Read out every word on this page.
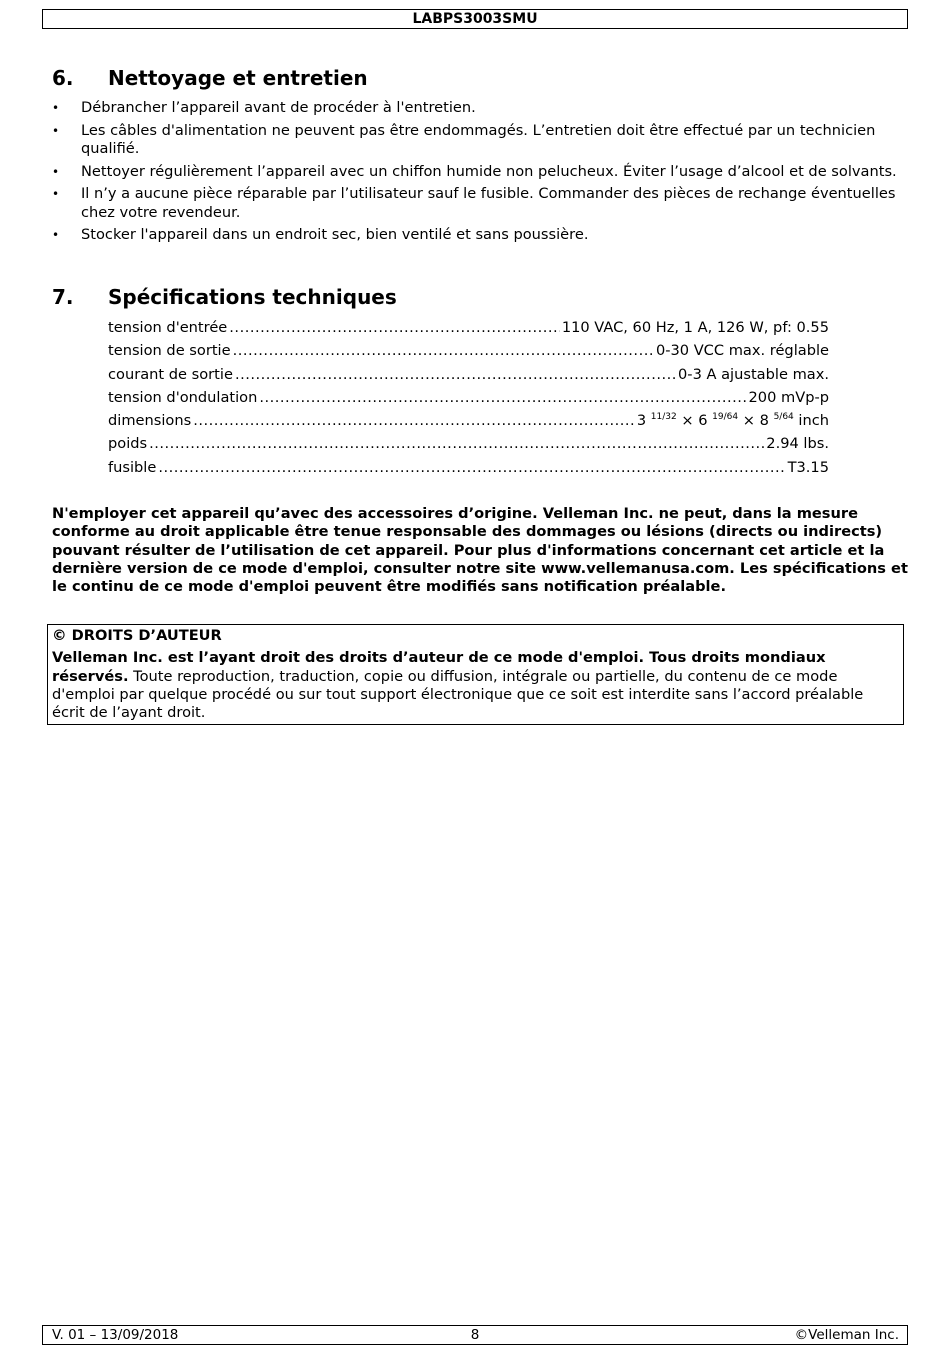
LABPS3003SMU
6. Nettoyage et entretien
• Débrancher l’appareil avant de procéder à l'entretien.
• Les câbles d'alimentation ne peuvent pas être endommagés. L’entretien doit être effectué par un technicien qualifié.
• Nettoyer régulièrement l’appareil avec un chiffon humide non pelucheux. Éviter l’usage d’alcool et de solvants.
• Il n’y a aucune pièce réparable par l’utilisateur sauf le fusible. Commander des pièces de rechange éventuelles chez votre revendeur.
• Stocker l'appareil dans un endroit sec, bien ventilé et sans poussière.
7. Spécifications techniques
tension d'entrée .....	110 VAC, 60 Hz, 1 A, 126 W, pf: 0.55
tension de sortie .....	0-30 VCC max. réglable
courant de sortie .....	0-3 A ajustable max.
tension d'ondulation .....	200 mVp-p
dimensions .....	3 $^{11/32}$ × 6 $^{19/64}$ × 8 $^{5/64}$ inch
poids .....	2.94 lbs.
fusible .....	T3.15

N'employer cet appareil qu’avec des accessoires d’origine. Velleman Inc. ne peut, dans la mesure conforme au droit applicable être tenue responsable des dommages ou lésions (directs ou indirects) pouvant résulter de l’utilisation de cet appareil. Pour plus d'informations concernant cet article et la dernière version de ce mode d'emploi, consulter notre site www.vellemanusa.com. Les spécifications et le continu de ce mode d'emploi peuvent être modifiés sans notification préalable.

© DROITS D’AUTEUR
Velleman Inc. est l’ayant droit des droits d’auteur de ce mode d'emploi. Tous droits mondiaux réservés. Toute reproduction, traduction, copie ou diffusion, intégrale ou partielle, du contenu de ce mode d'emploi par quelque procédé ou sur tout support électronique que ce soit est interdite sans l’accord préalable écrit de l’ayant droit.
V. 01 – 13/09/2018	8	©Velleman Inc.
